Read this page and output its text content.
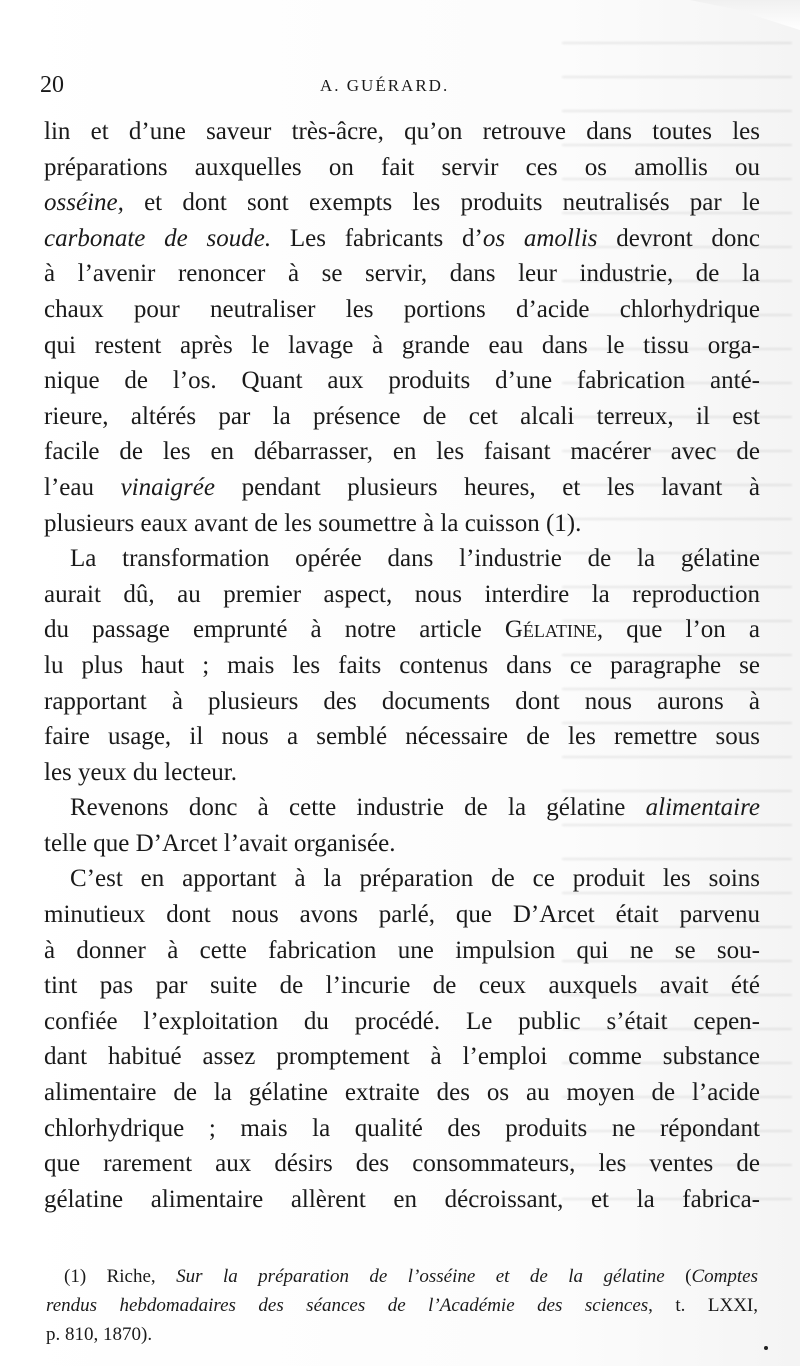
20	A. GUÉRARD.
lin et d’une saveur très-âcre, qu’on retrouve dans toutes les
préparations auxquelles on fait servir ces os amollis ou
osséine, et dont sont exempts les produits neutralisés par le
carbonate de soude. Les fabricants d’os amollis devront donc
à l’avenir renoncer à se servir, dans leur industrie, de la
chaux pour neutraliser les portions d’acide chlorhydrique
qui restent après le lavage à grande eau dans le tissu orga-
nique de l’os. Quant aux produits d’une fabrication anté-
rieure, altérés par la présence de cet alcali terreux, il est
facile de les en débarrasser, en les faisant macérer avec de
l’eau vinaigrée pendant plusieurs heures, et les lavant à
plusieurs eaux avant de les soumettre à la cuisson (1).
La transformation opérée dans l’industrie de la gélatine
aurait dû, au premier aspect, nous interdire la reproduction
du passage emprunté à notre article Gélatine, que l’on a
lu plus haut ; mais les faits contenus dans ce paragraphe se
rapportant à plusieurs des documents dont nous aurons à
faire usage, il nous a semblé nécessaire de les remettre sous
les yeux du lecteur.
Revenons donc à cette industrie de la gélatine alimentaire
telle que D’Arcet l’avait organisée.
C’est en apportant à la préparation de ce produit les soins
minutieux dont nous avons parlé, que D’Arcet était parvenu
à donner à cette fabrication une impulsion qui ne se sou-
tint pas par suite de l’incurie de ceux auxquels avait été
confiée l’exploitation du procédé. Le public s’était cepen-
dant habitué assez promptement à l’emploi comme substance
alimentaire de la gélatine extraite des os au moyen de l’acide
chlorhydrique ; mais la qualité des produits ne répondant
que rarement aux désirs des consommateurs, les ventes de
gélatine alimentaire allèrent en décroissant, et la fabrica-
(1) Riche, Sur la préparation de l’osséine et de la gélatine (Comptes
rendus hebdomadaires des séances de l’Académie des sciences, t. LXXI,
p. 810, 1870).
